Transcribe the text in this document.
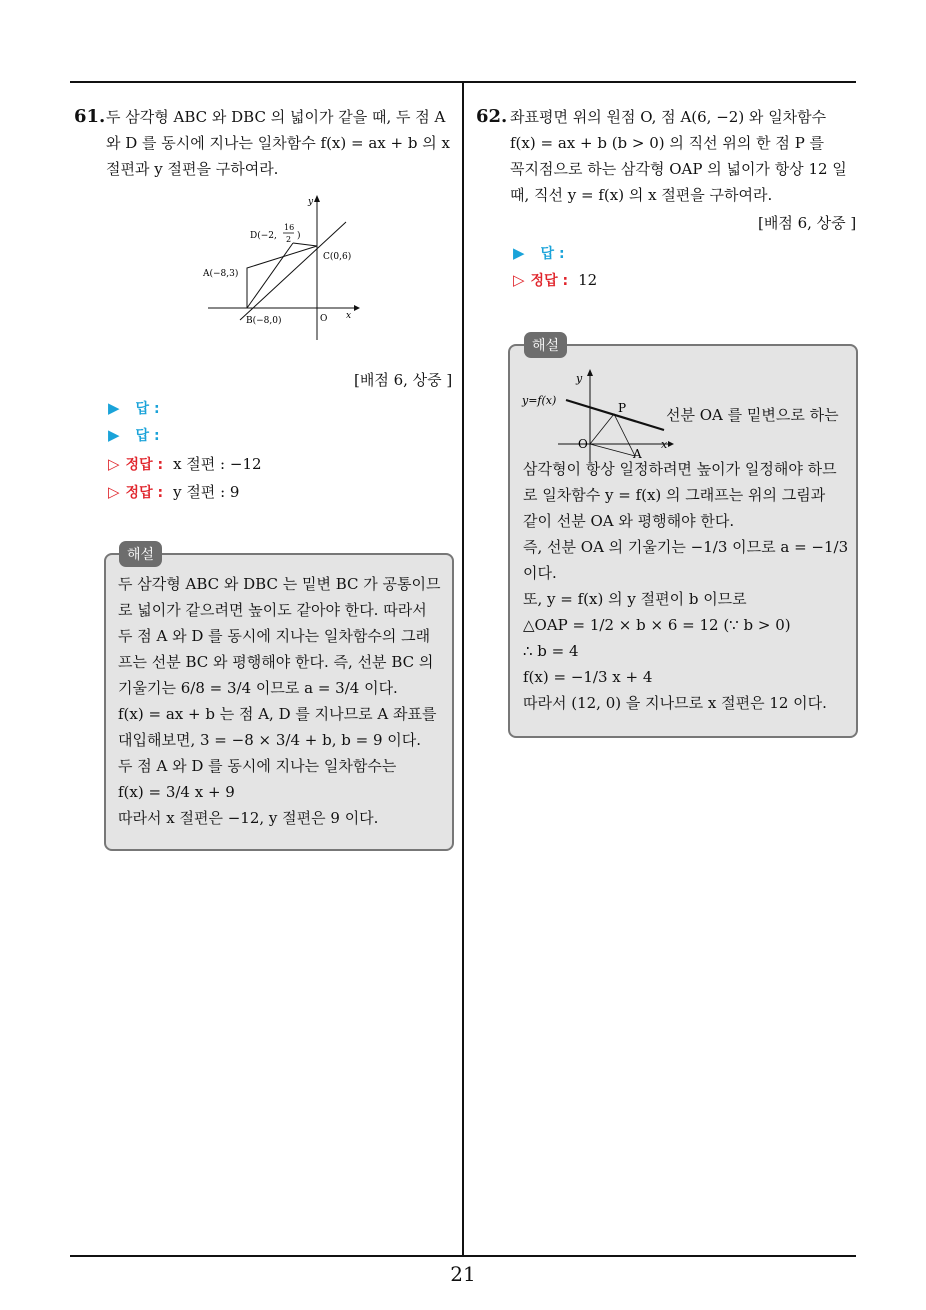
21
61. 두 삼각형 ABC 와 DBC 의 넓이가 같을 때, 두 점 A
와 D 를 동시에 지나는 일차함수 f(x) = ax + b 의 x
절편과 y 절편을 구하여라.
y
x
O
D(−2,
16
2 )
A(−8,3)
B(−8,0)
C(0,6)
[배점 6, 상중 ]
▶ 답 :
▶ 답 :
▷ 정답 : x 절편 : −12
▷ 정답 : y 절편 : 9
두 삼각형 ABC 와 DBC 는 밑변 BC 가 공통이므
로 넓이가 같으려면 높이도 같아야 한다. 따라서
두 점 A 와 D 를 동시에 지나는 일차함수의 그래
프는 선분 BC 와 평행해야 한다. 즉, 선분 BC 의
기울기는 6/8 = 3/4 이므로 a = 3/4 이다.
f(x) = ax + b 는 점 A, D 를 지나므로 A 좌표를
대입해보면, 3 = −8 × 3/4 + b, b = 9 이다.
두 점 A 와 D 를 동시에 지나는 일차함수는
f(x) = 3/4 x + 9
따라서 x 절편은 −12, y 절편은 9 이다.
해설
62. 좌표평면 위의 원점 O, 점 A(6, −2) 와 일차함수
f(x) = ax + b (b > 0) 의 직선 위의 한 점 P 를
꼭지점으로 하는 삼각형 OAP 의 넓이가 항상 12 일
때, 직선 y = f(x) 의 x 절편을 구하여라.
[배점 6, 상중 ]
▶ 답 :
▷ 정답 : 12
y
x
O
y=f(x)
P
A
선분 OA 를 밑변으로 하는
삼각형이 항상 일정하려면 높이가 일정해야 하므
로 일차함수 y = f(x) 의 그래프는 위의 그림과
같이 선분 OA 와 평행해야 한다.
즉, 선분 OA 의 기울기는 −1/3 이므로 a = −1/3
이다.
또, y = f(x) 의 y 절편이 b 이므로
△OAP = 1/2 × b × 6 = 12 (∵ b > 0)
∴ b = 4
f(x) = −1/3 x + 4
따라서 (12, 0) 을 지나므로 x 절편은 12 이다.
해설
